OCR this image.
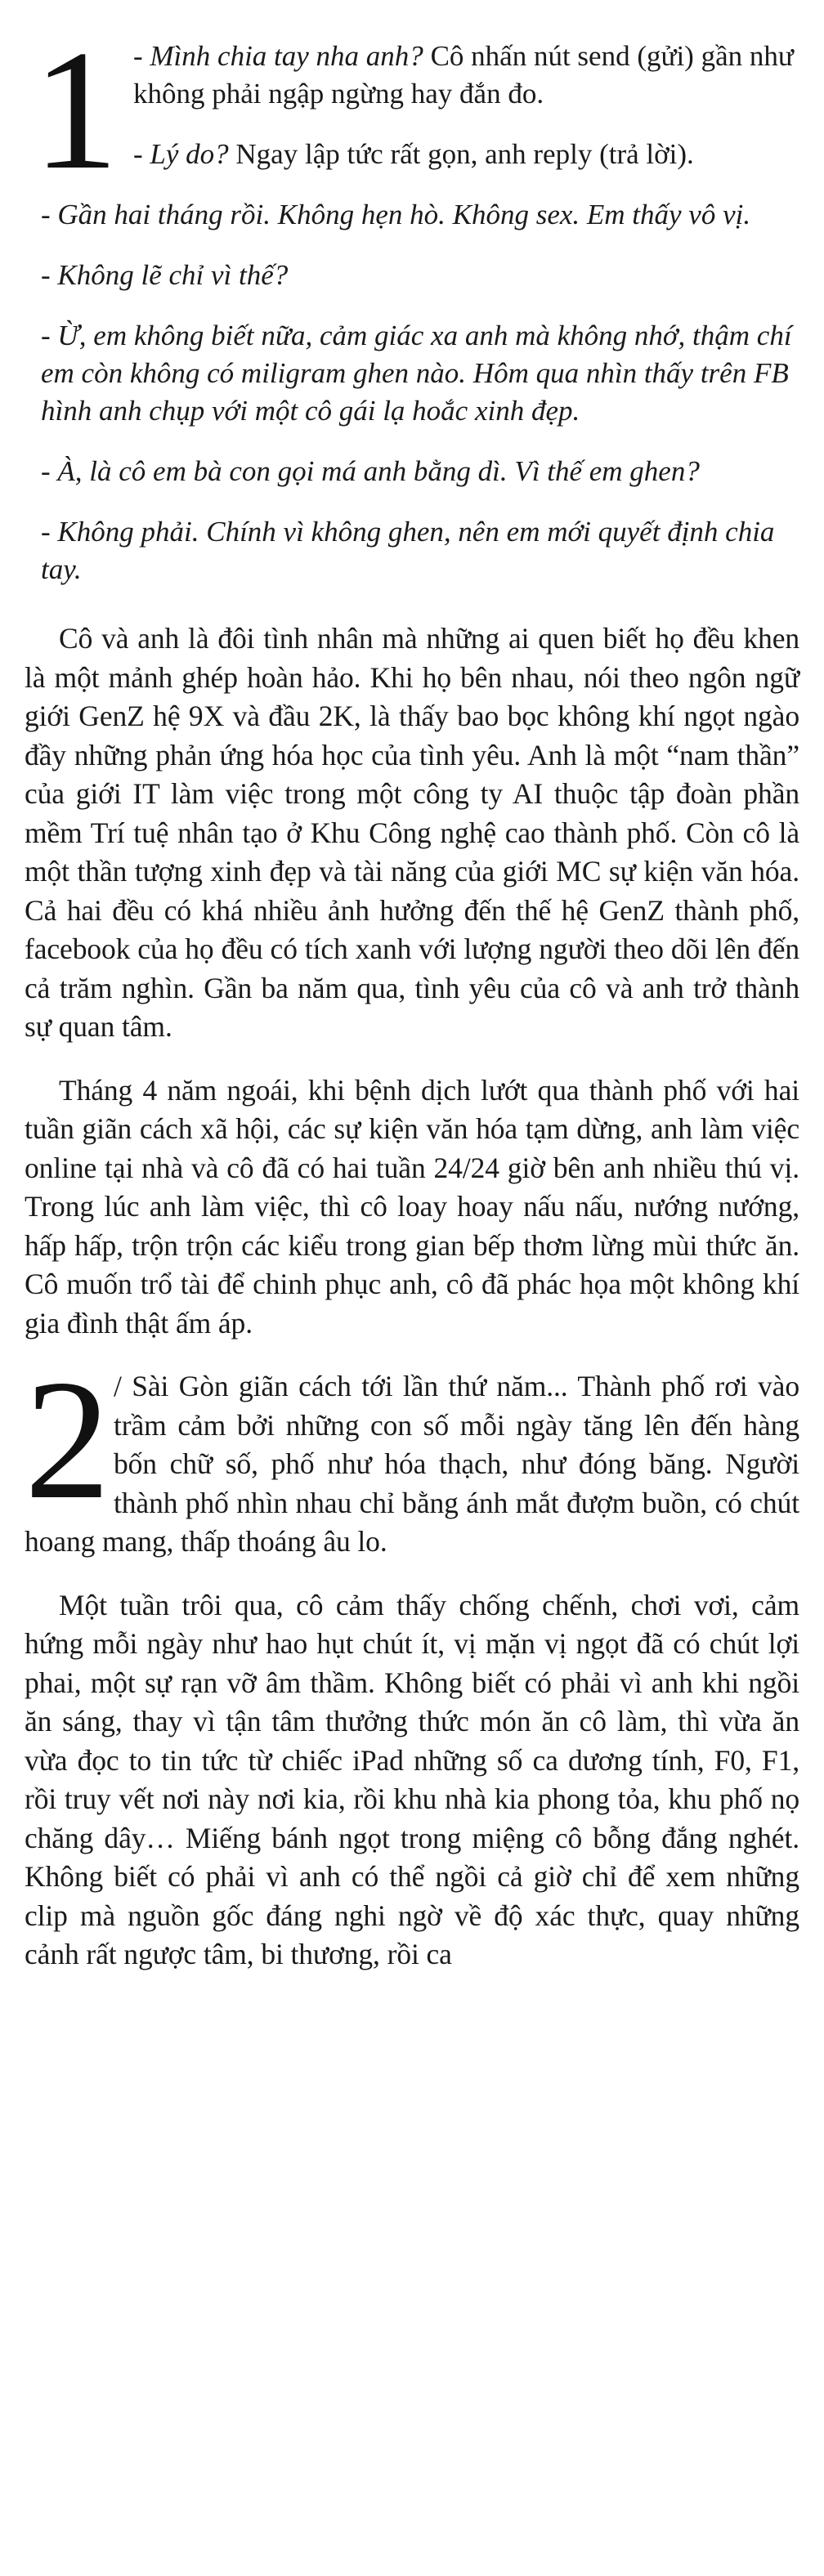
1 - Mình chia tay nha anh? Cô nhấn nút send (gửi) gần như không phải ngập ngừng hay đắn đo.

- Lý do? Ngay lập tức rất gọn, anh reply (trả lời).

- Gần hai tháng rồi. Không hẹn hò. Không sex. Em thấy vô vị.

- Không lẽ chỉ vì thế?

- Ừ, em không biết nữa, cảm giác xa anh mà không nhớ, thậm chí em còn không có miligram ghen nào. Hôm qua nhìn thấy trên FB hình anh chụp với một cô gái lạ hoắc xinh đẹp.

- À, là cô em bà con gọi má anh bằng dì. Vì thế em ghen?

- Không phải. Chính vì không ghen, nên em mới quyết định chia tay.

Cô và anh là đôi tình nhân mà những ai quen biết họ đều khen là một mảnh ghép hoàn hảo. Khi họ bên nhau, nói theo ngôn ngữ giới GenZ hệ 9X và đầu 2K, là thấy bao bọc không khí ngọt ngào đầy những phản ứng hóa học của tình yêu. Anh là một “nam thần” của giới IT làm việc trong một công ty AI thuộc tập đoàn phần mềm Trí tuệ nhân tạo ở Khu Công nghệ cao thành phố. Còn cô là một thần tượng xinh đẹp và tài năng của giới MC sự kiện văn hóa. Cả hai đều có khá nhiều ảnh hưởng đến thế hệ GenZ thành phố, facebook của họ đều có tích xanh với lượng người theo dõi lên đến cả trăm nghìn. Gần ba năm qua, tình yêu của cô và anh trở thành sự quan tâm.

Tháng 4 năm ngoái, khi bệnh dịch lướt qua thành phố với hai tuần giãn cách xã hội, các sự kiện văn hóa tạm dừng, anh làm việc online tại nhà và cô đã có hai tuần 24/24 giờ bên anh nhiều thú vị. Trong lúc anh làm việc, thì cô loay hoay nấu nấu, nướng nướng, hấp hấp, trộn trộn các kiểu trong gian bếp thơm lừng mùi thức ăn. Cô muốn trổ tài để chinh phục anh, cô đã phác họa một không khí gia đình thật ấm áp.

2 / Sài Gòn giãn cách tới lần thứ năm... Thành phố rơi vào trầm cảm bởi những con số mỗi ngày tăng lên đến hàng bốn chữ số, phố như hóa thạch, như đóng băng. Người thành phố nhìn nhau chỉ bằng ánh mắt đượm buồn, có chút hoang mang, thấp thoáng âu lo.

Một tuần trôi qua, cô cảm thấy chống chếnh, chơi vơi, cảm hứng mỗi ngày như hao hụt chút ít, vị mặn vị ngọt đã có chút lợi phai, một sự rạn vỡ âm thầm. Không biết có phải vì anh khi ngồi ăn sáng, thay vì tận tâm thưởng thức món ăn cô làm, thì vừa ăn vừa đọc to tin tức từ chiếc iPad những số ca dương tính, F0, F1, rồi truy vết nơi này nơi kia, rồi khu nhà kia phong tỏa, khu phố nọ chăng dây… Miếng bánh ngọt trong miệng cô bỗng đắng nghét. Không biết có phải vì anh có thể ngồi cả giờ chỉ để xem những clip mà nguồn gốc đáng nghi ngờ về độ xác thực, quay những cảnh rất ngược tâm, bi thương, rồi ca
